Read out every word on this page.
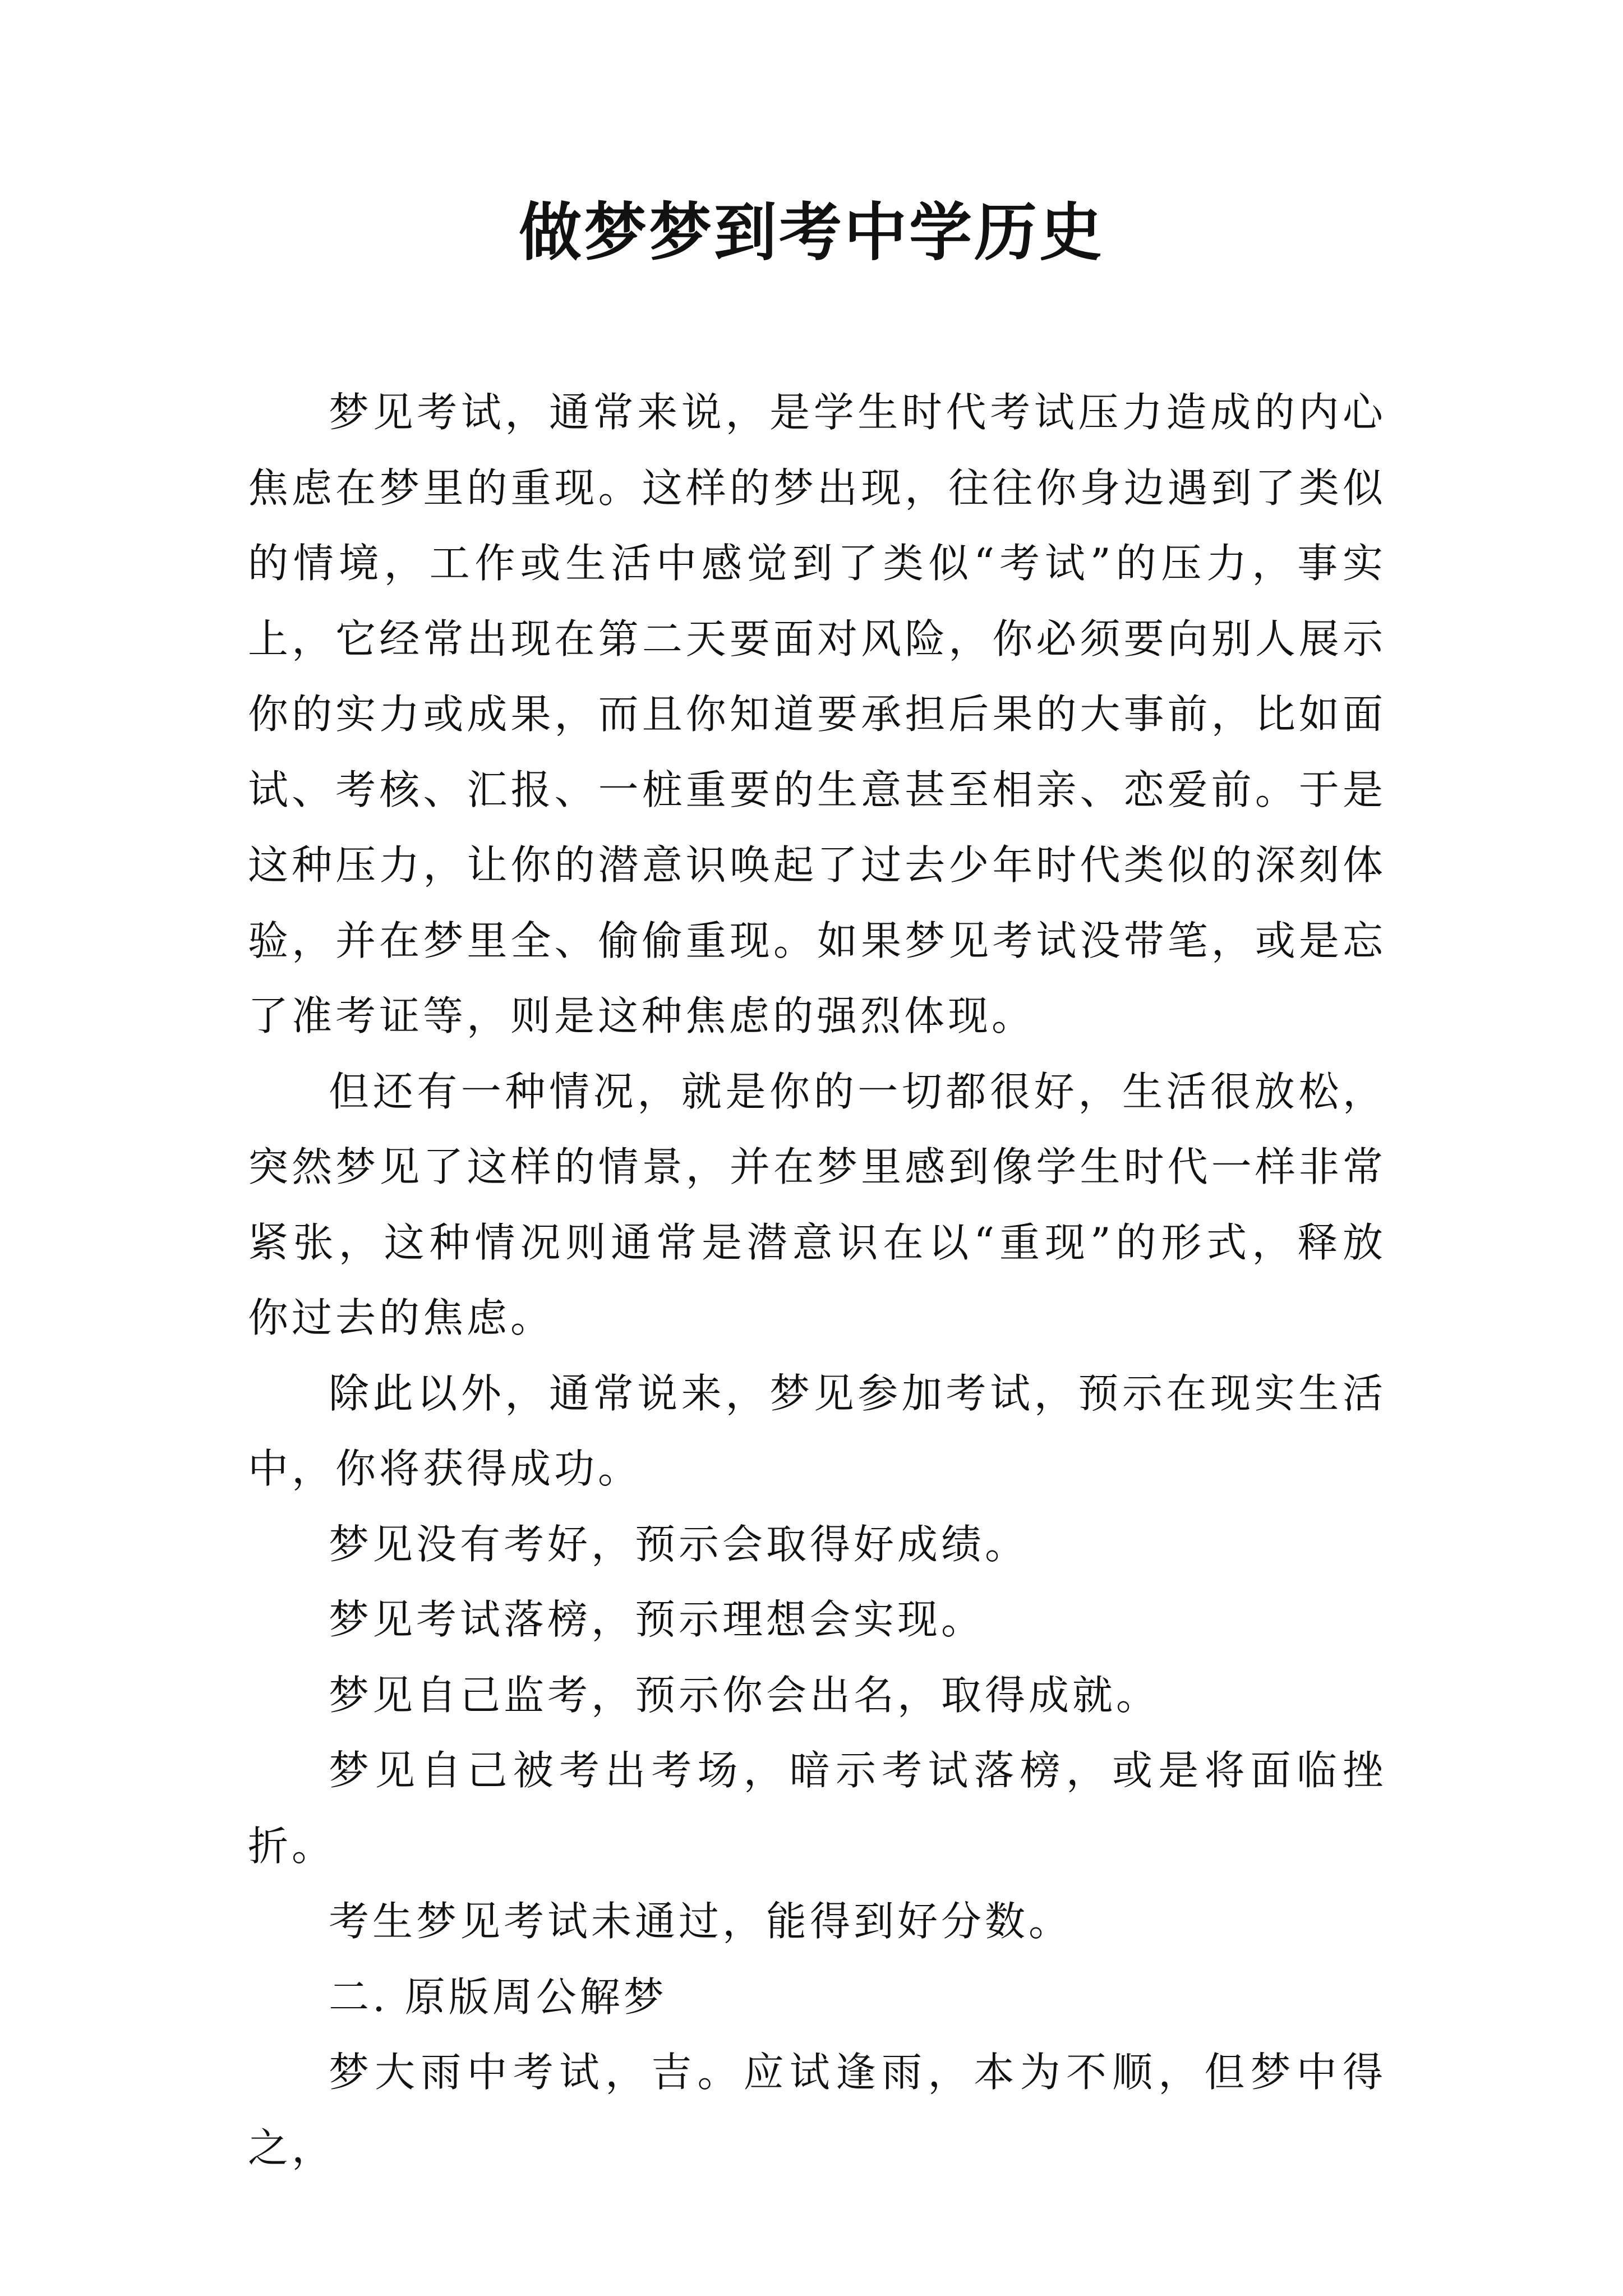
做梦梦到考中学历史

梦见考试，通常来说，是学生时代考试压力造成的内心焦虑在梦里的重现。这样的梦出现，往往你身边遇到了类似的情境，工作或生活中感觉到了类似“考试”的压力，事实上，它经常出现在第二天要面对风险，你必须要向别人展示你的实力或成果，而且你知道要承担后果的大事前，比如面试、考核、汇报、一桩重要的生意甚至相亲、恋爱前。于是这种压力，让你的潜意识唤起了过去少年时代类似的深刻体验，并在梦里全、偷偷重现。如果梦见考试没带笔，或是忘了准考证等，则是这种焦虑的强烈体现。

但还有一种情况，就是你的一切都很好，生活很放松，突然梦见了这样的情景，并在梦里感到像学生时代一样非常紧张，这种情况则通常是潜意识在以“重现”的形式，释放你过去的焦虑。

除此以外，通常说来，梦见参加考试，预示在现实生活中，你将获得成功。

梦见没有考好，预示会取得好成绩。

梦见考试落榜，预示理想会实现。

梦见自己监考，预示你会出名，取得成就。

梦见自己被考出考场，暗示考试落榜，或是将面临挫折。

考生梦见考试未通过，能得到好分数。

二. 原版周公解梦

梦大雨中考试，吉。应试逢雨，本为不顺，但梦中得之，
